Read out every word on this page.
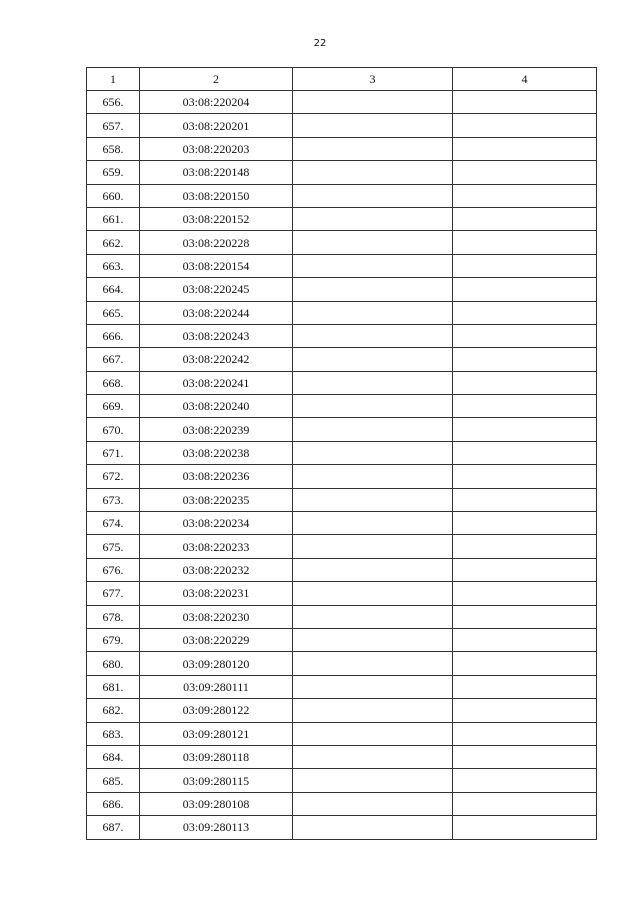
22
1	2	3	4
656.	03:08:220204		
657.	03:08:220201		
658.	03:08:220203		
659.	03:08:220148		
660.	03:08:220150		
661.	03:08:220152		
662.	03:08:220228		
663.	03:08:220154		
664.	03:08:220245		
665.	03:08:220244		
666.	03:08:220243		
667.	03:08:220242		
668.	03:08:220241		
669.	03:08:220240		
670.	03:08:220239		
671.	03:08:220238		
672.	03:08:220236		
673.	03:08:220235		
674.	03:08:220234		
675.	03:08:220233		
676.	03:08:220232		
677.	03:08:220231		
678.	03:08:220230		
679.	03:08:220229		
680.	03:09:280120		
681.	03:09:280111		
682.	03:09:280122		
683.	03:09:280121		
684.	03:09:280118		
685.	03:09:280115		
686.	03:09:280108		
687.	03:09:280113		
